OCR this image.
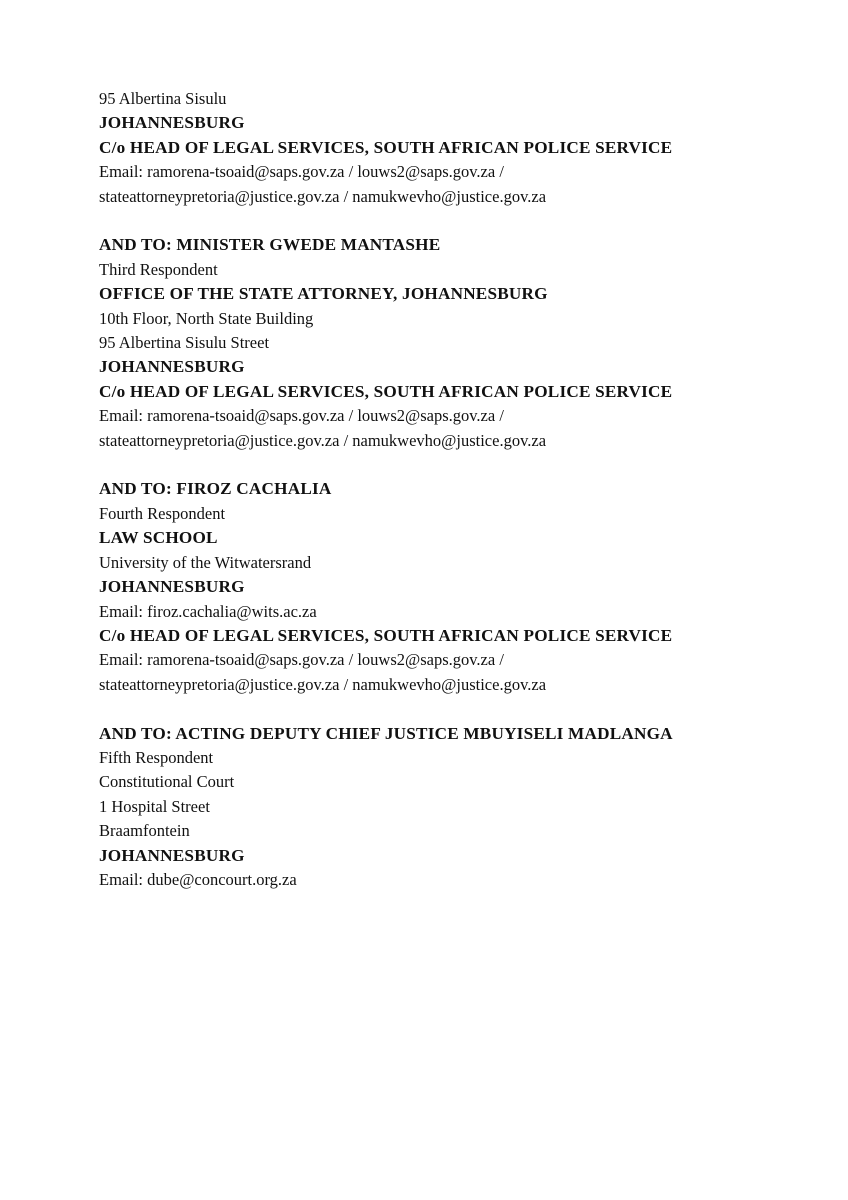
95 Albertina Sisulu
JOHANNESBURG
C/o HEAD OF LEGAL SERVICES, SOUTH AFRICAN POLICE SERVICE
Email: ramorena-tsoaid@saps.gov.za / louws2@saps.gov.za /
stateattorneypretoria@justice.gov.za / namukwevho@justice.gov.za
AND TO: MINISTER GWEDE MANTASHE
Third Respondent
OFFICE OF THE STATE ATTORNEY, JOHANNESBURG
10th Floor, North State Building
95 Albertina Sisulu Street
JOHANNESBURG
C/o HEAD OF LEGAL SERVICES, SOUTH AFRICAN POLICE SERVICE
Email: ramorena-tsoaid@saps.gov.za / louws2@saps.gov.za /
stateattorneypretoria@justice.gov.za / namukwevho@justice.gov.za
AND TO: FIROZ CACHALIA
Fourth Respondent
LAW SCHOOL
University of the Witwatersrand
JOHANNESBURG
Email: firoz.cachalia@wits.ac.za
C/o HEAD OF LEGAL SERVICES, SOUTH AFRICAN POLICE SERVICE
Email: ramorena-tsoaid@saps.gov.za / louws2@saps.gov.za /
stateattorneypretoria@justice.gov.za / namukwevho@justice.gov.za
AND TO: ACTING DEPUTY CHIEF JUSTICE MBUYISELI MADLANGA
Fifth Respondent
Constitutional Court
1 Hospital Street
Braamfontein
JOHANNESBURG
Email: dube@concourt.org.za
